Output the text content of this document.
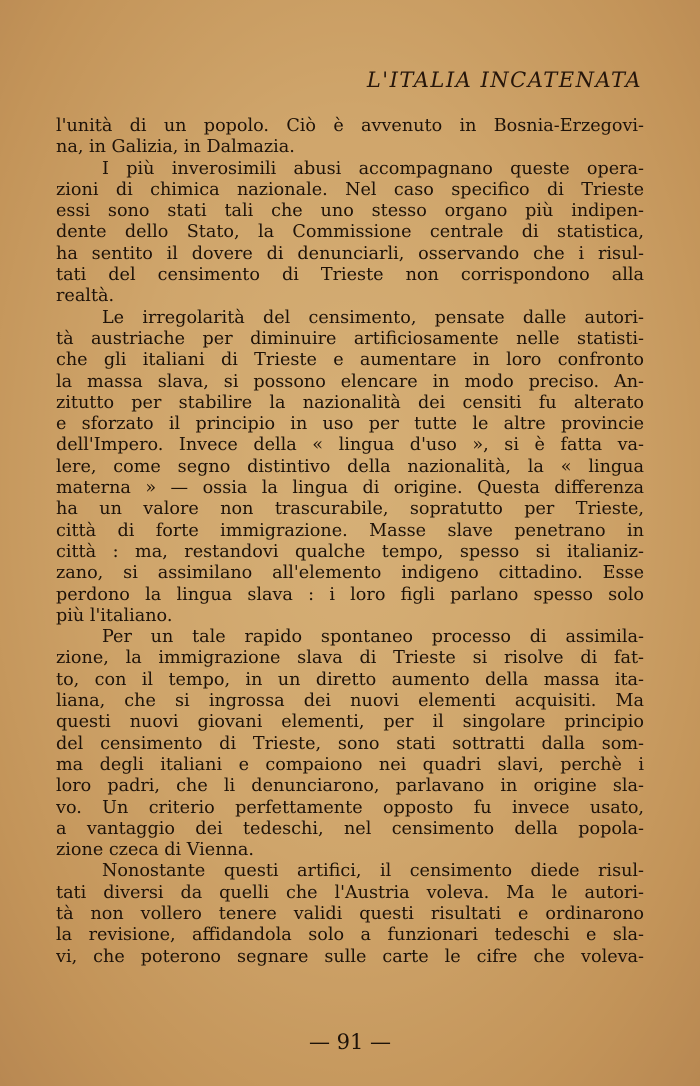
L'ITALIA INCATENATA
l'unità di un popolo. Ciò è avvenuto in Bosnia-Erzegovi-
na, in Galizia, in Dalmazia.
I più inverosimili abusi accompagnano queste opera-
zioni di chimica nazionale. Nel caso specifico di Trieste
essi sono stati tali che uno stesso organo più indipen-
dente dello Stato, la Commissione centrale di statistica,
ha sentito il dovere di denunciarli, osservando che i risul-
tati del censimento di Trieste non corrispondono alla
realtà.
Le irregolarità del censimento, pensate dalle autori-
tà austriache per diminuire artificiosamente nelle statisti-
che gli italiani di Trieste e aumentare in loro confronto
la massa slava, si possono elencare in modo preciso. An-
zitutto per stabilire la nazionalità dei censiti fu alterato
e sforzato il principio in uso per tutte le altre provincie
dell'Impero. Invece della « lingua d'uso », si è fatta va-
lere, come segno distintivo della nazionalità, la « lingua
materna » — ossia la lingua di origine. Questa differenza
ha un valore non trascurabile, sopratutto per Trieste,
città di forte immigrazione. Masse slave penetrano in
città : ma, restandovi qualche tempo, spesso si italianiz-
zano, si assimilano all'elemento indigeno cittadino. Esse
perdono la lingua slava : i loro figli parlano spesso solo
più l'italiano.
Per un tale rapido spontaneo processo di assimila-
zione, la immigrazione slava di Trieste si risolve di fat-
to, con il tempo, in un diretto aumento della massa ita-
liana, che si ingrossa dei nuovi elementi acquisiti. Ma
questi nuovi giovani elementi, per il singolare principio
del censimento di Trieste, sono stati sottratti dalla som-
ma degli italiani e compaiono nei quadri slavi, perchè i
loro padri, che li denunciarono, parlavano in origine sla-
vo. Un criterio perfettamente opposto fu invece usato,
a vantaggio dei tedeschi, nel censimento della popola-
zione czeca di Vienna.
Nonostante questi artifici, il censimento diede risul-
tati diversi da quelli che l'Austria voleva. Ma le autori-
tà non vollero tenere validi questi risultati e ordinarono
la revisione, affidandola solo a funzionari tedeschi e sla-
vi, che poterono segnare sulle carte le cifre che voleva-
— 91 —
